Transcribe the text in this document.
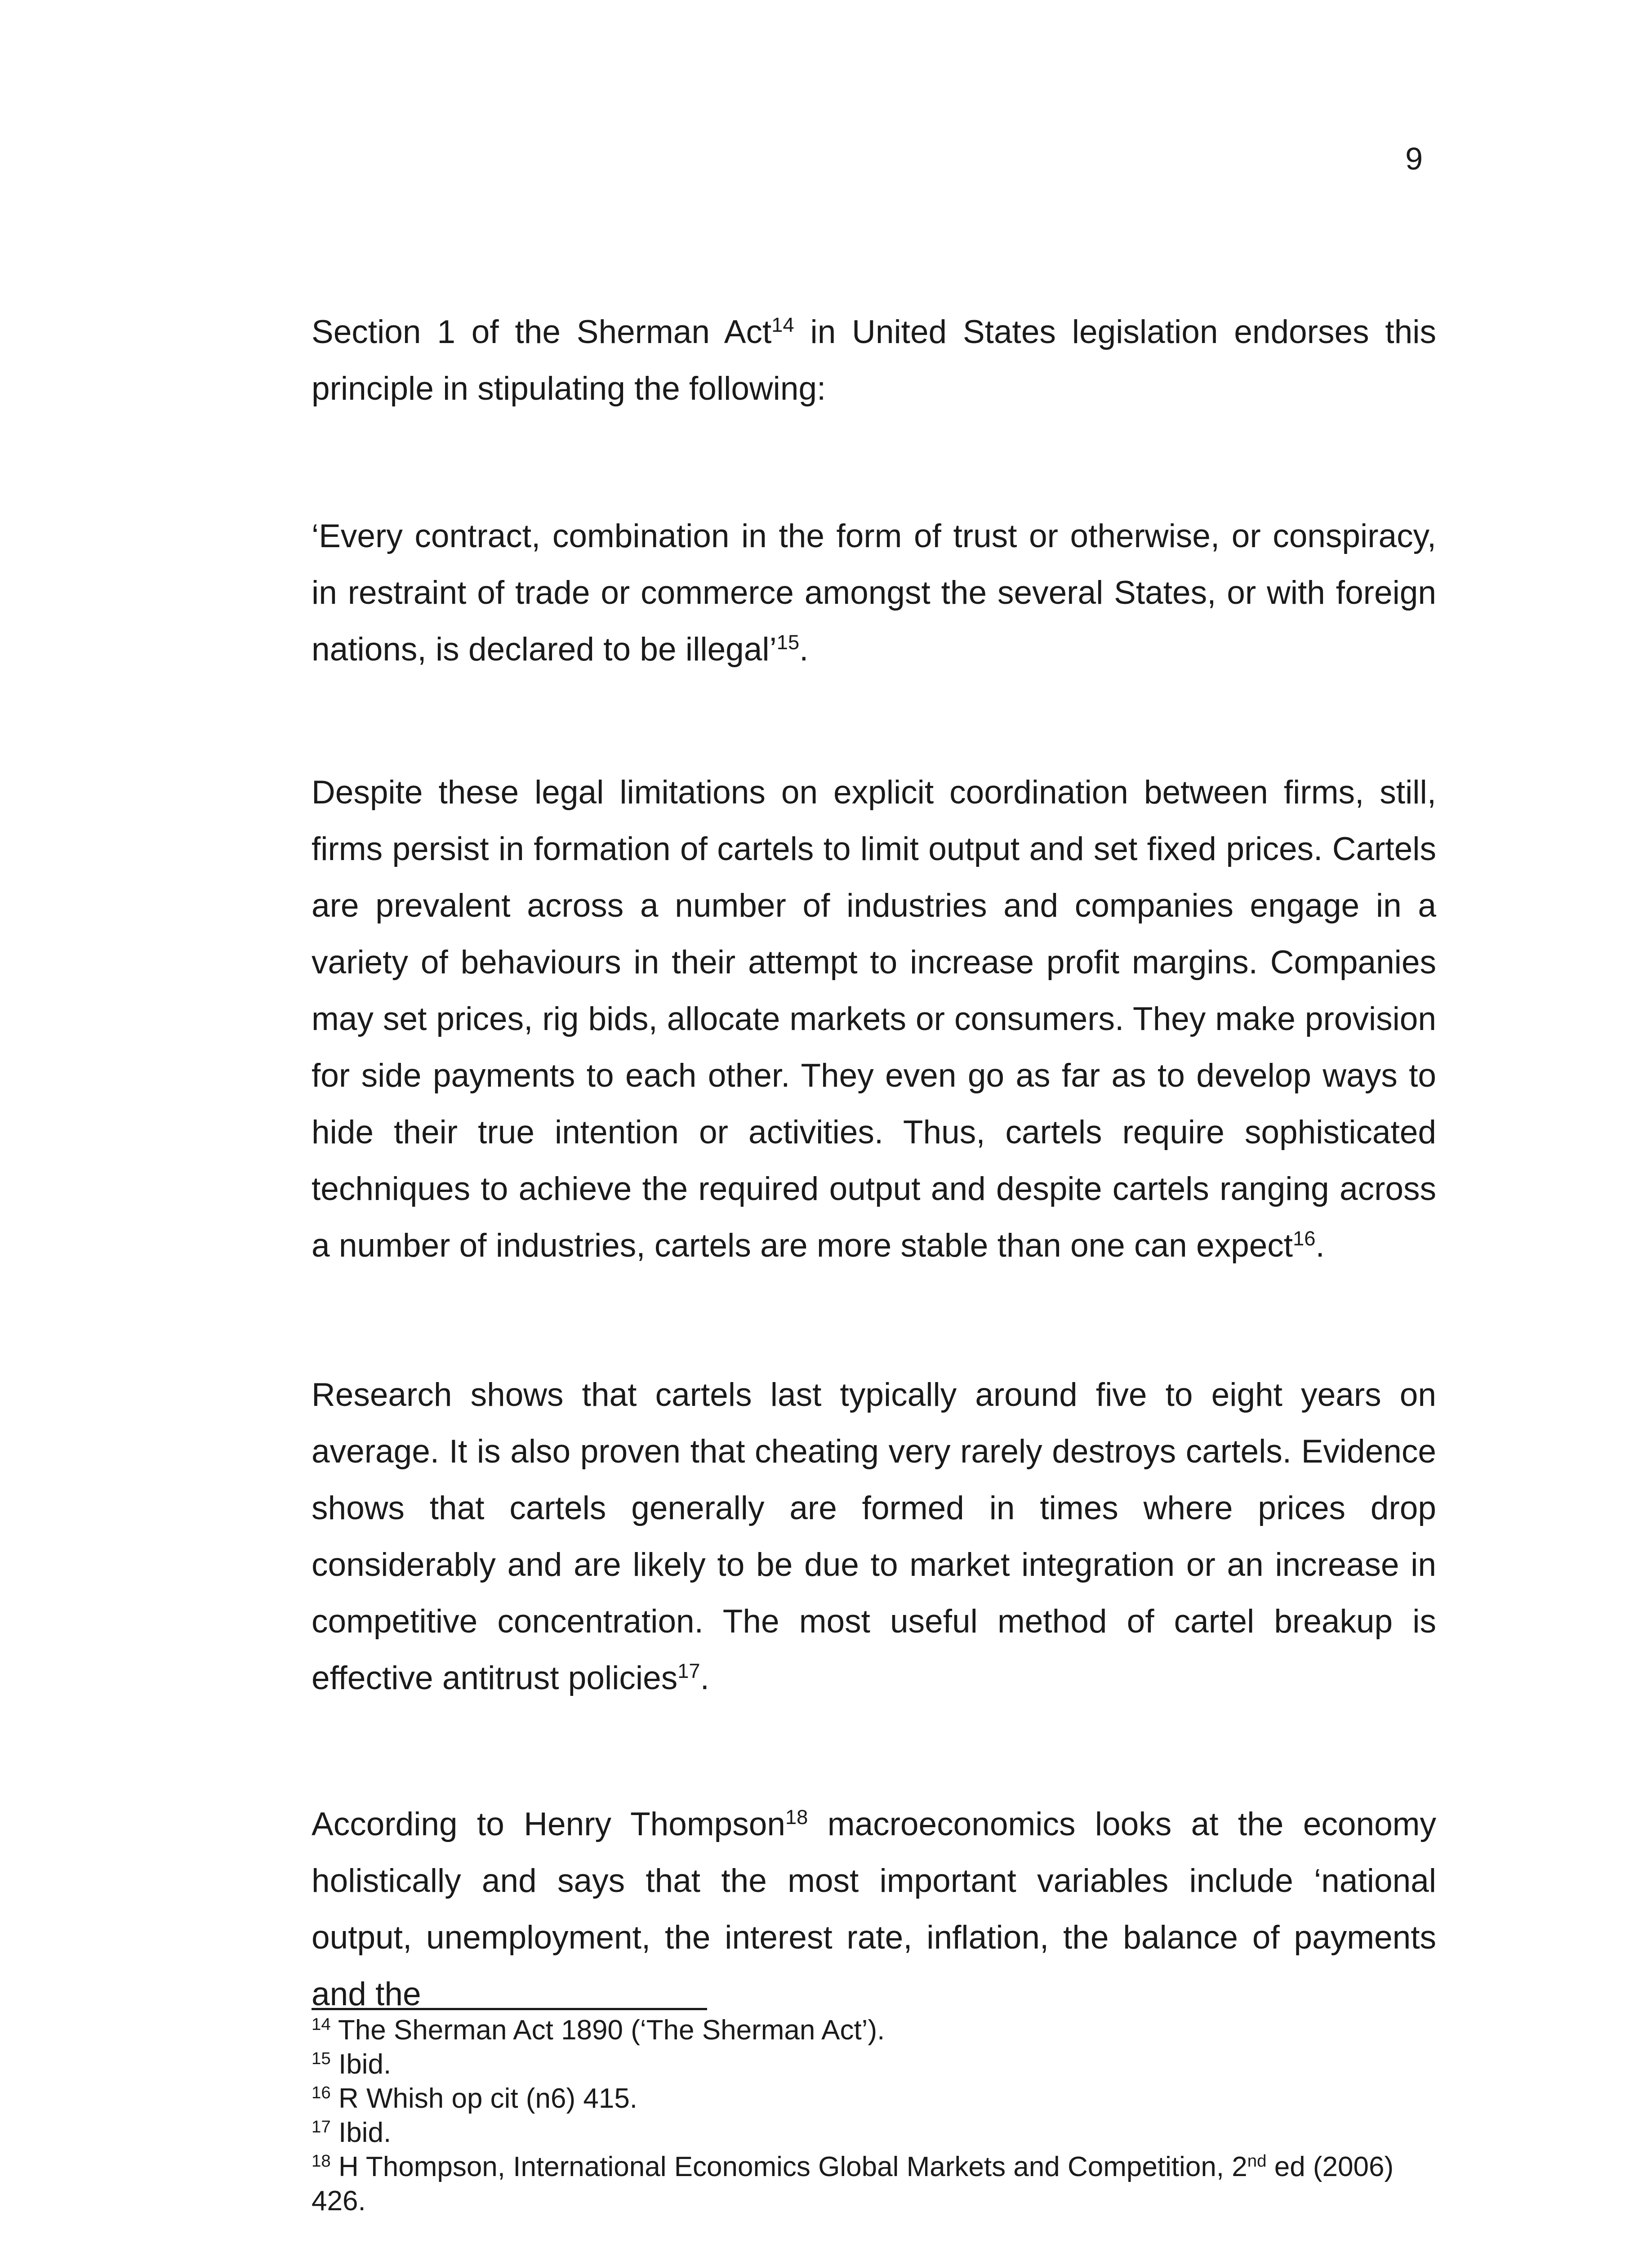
9

Section 1 of the Sherman Act$^{14}$ in United States legislation endorses this principle in stipulating the following:

‘Every contract, combination in the form of trust or otherwise, or conspiracy, in restraint of trade or commerce amongst the several States, or with foreign nations, is declared to be illegal’$^{15}$.

Despite these legal limitations on explicit coordination between firms, still, firms persist in formation of cartels to limit output and set fixed prices. Cartels are prevalent across a number of industries and companies engage in a variety of behaviours in their attempt to increase profit margins. Companies may set prices, rig bids, allocate markets or consumers. They make provision for side payments to each other. They even go as far as to develop ways to hide their true intention or activities. Thus, cartels require sophisticated techniques to achieve the required output and despite cartels ranging across a number of industries, cartels are more stable than one can expect$^{16}$.

Research shows that cartels last typically around five to eight years on average. It is also proven that cheating very rarely destroys cartels. Evidence shows that cartels generally are formed in times where prices drop considerably and are likely to be due to market integration or an increase in competitive concentration. The most useful method of cartel breakup is effective antitrust policies$^{17}$.

According to Henry Thompson$^{18}$ macroeconomics looks at the economy holistically and says that the most important variables include ‘national output, unemployment, the interest rate, inflation, the balance of payments and the

$^{14}$ The Sherman Act 1890 (‘The Sherman Act’).

$^{15}$ Ibid.

$^{16}$ R Whish op cit (n6) 415.

$^{17}$ Ibid.

$^{18}$ H Thompson, International Economics Global Markets and Competition, 2nd ed (2006) 426.
